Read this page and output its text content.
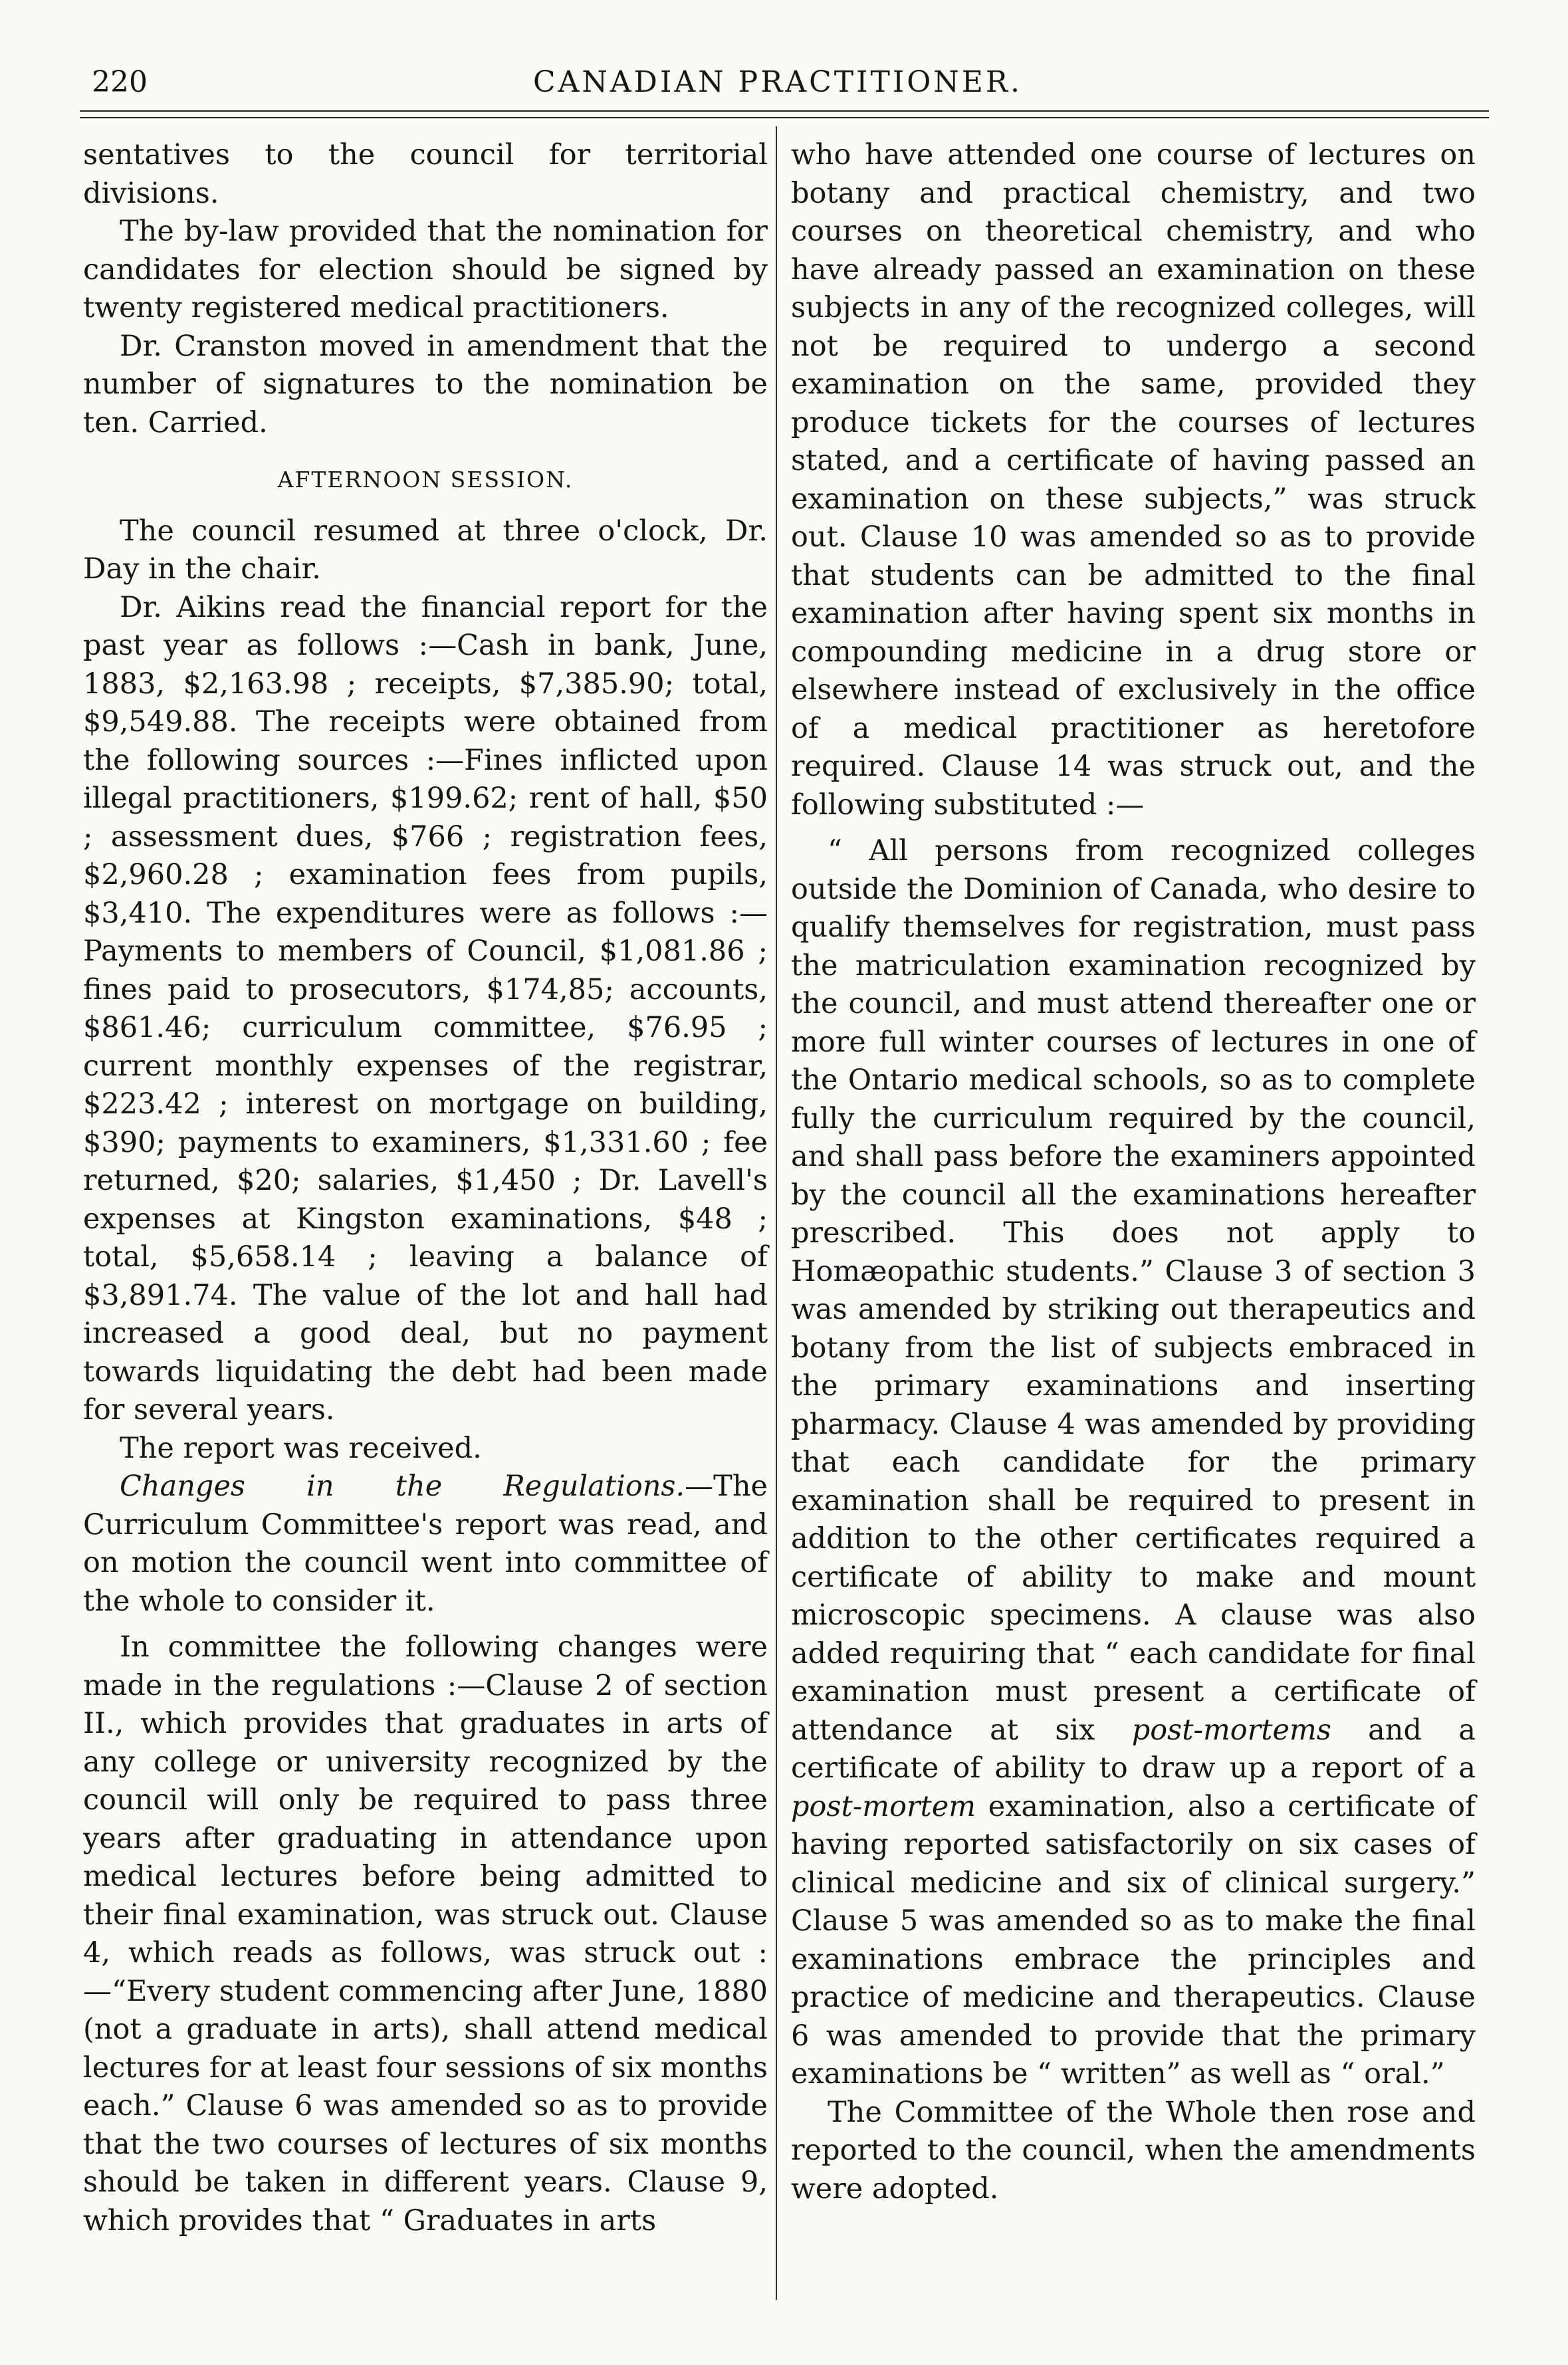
220	CANADIAN PRACTITIONER.

sentatives to the council for territorial divisions.

The by-law provided that the nomination for candidates for election should be signed by twenty registered medical practitioners.

Dr. Cranston moved in amendment that the number of signatures to the nomination be ten. Carried.

AFTERNOON SESSION.

The council resumed at three o'clock, Dr. Day in the chair.

Dr. Aikins read the financial report for the past year as follows :—Cash in bank, June, 1883, $2,163.98 ; receipts, $7,385.90; total, $9,549.88. The receipts were obtained from the following sources :—Fines inflicted upon illegal practitioners, $199.62; rent of hall, $50 ; assessment dues, $766 ; registration fees, $2,960.28 ; examination fees from pupils, $3,410. The expenditures were as follows :—Payments to members of Council, $1,081.86 ; fines paid to prosecutors, $174,85; accounts, $861.46; curriculum committee, $76.95 ; current monthly expenses of the registrar, $223.42 ; interest on mortgage on building, $390; payments to examiners, $1,331.60 ; fee returned, $20; salaries, $1,450 ; Dr. Lavell's expenses at Kingston examinations, $48 ; total, $5,658.14 ; leaving a balance of $3,891.74. The value of the lot and hall had increased a good deal, but no payment towards liquidating the debt had been made for several years.

The report was received.

Changes in the Regulations.—The Curriculum Committee's report was read, and on motion the council went into committee of the whole to consider it.

In committee the following changes were made in the regulations :—Clause 2 of section II., which provides that graduates in arts of any college or university recognized by the council will only be required to pass three years after graduating in attendance upon medical lectures before being admitted to their final examination, was struck out. Clause 4, which reads as follows, was struck out :—“Every student commencing after June, 1880 (not a graduate in arts), shall attend medical lectures for at least four sessions of six months each.” Clause 6 was amended so as to provide that the two courses of lectures of six months should be taken in different years. Clause 9, which provides that “ Graduates in arts

who have attended one course of lectures on botany and practical chemistry, and two courses on theoretical chemistry, and who have already passed an examination on these subjects in any of the recognized colleges, will not be required to undergo a second examination on the same, provided they produce tickets for the courses of lectures stated, and a certificate of having passed an examination on these subjects,” was struck out. Clause 10 was amended so as to provide that students can be admitted to the final examination after having spent six months in compounding medicine in a drug store or elsewhere instead of exclusively in the office of a medical practitioner as heretofore required. Clause 14 was struck out, and the following substituted :—

“ All persons from recognized colleges outside the Dominion of Canada, who desire to qualify themselves for registration, must pass the matriculation examination recognized by the council, and must attend thereafter one or more full winter courses of lectures in one of the Ontario medical schools, so as to complete fully the curriculum required by the council, and shall pass before the examiners appointed by the council all the examinations hereafter prescribed. This does not apply to Homæopathic students.” Clause 3 of section 3 was amended by striking out therapeutics and botany from the list of subjects embraced in the primary examinations and inserting pharmacy. Clause 4 was amended by providing that each candidate for the primary examination shall be required to present in addition to the other certificates required a certificate of ability to make and mount microscopic specimens. A clause was also added requiring that “ each candidate for final examination must present a certificate of attendance at six post-mortems and a certificate of ability to draw up a report of a post-mortem examination, also a certificate of having reported satisfactorily on six cases of clinical medicine and six of clinical surgery.” Clause 5 was amended so as to make the final examinations embrace the principles and practice of medicine and therapeutics. Clause 6 was amended to provide that the primary examinations be “ written” as well as “ oral.”

The Committee of the Whole then rose and reported to the council, when the amendments were adopted.
